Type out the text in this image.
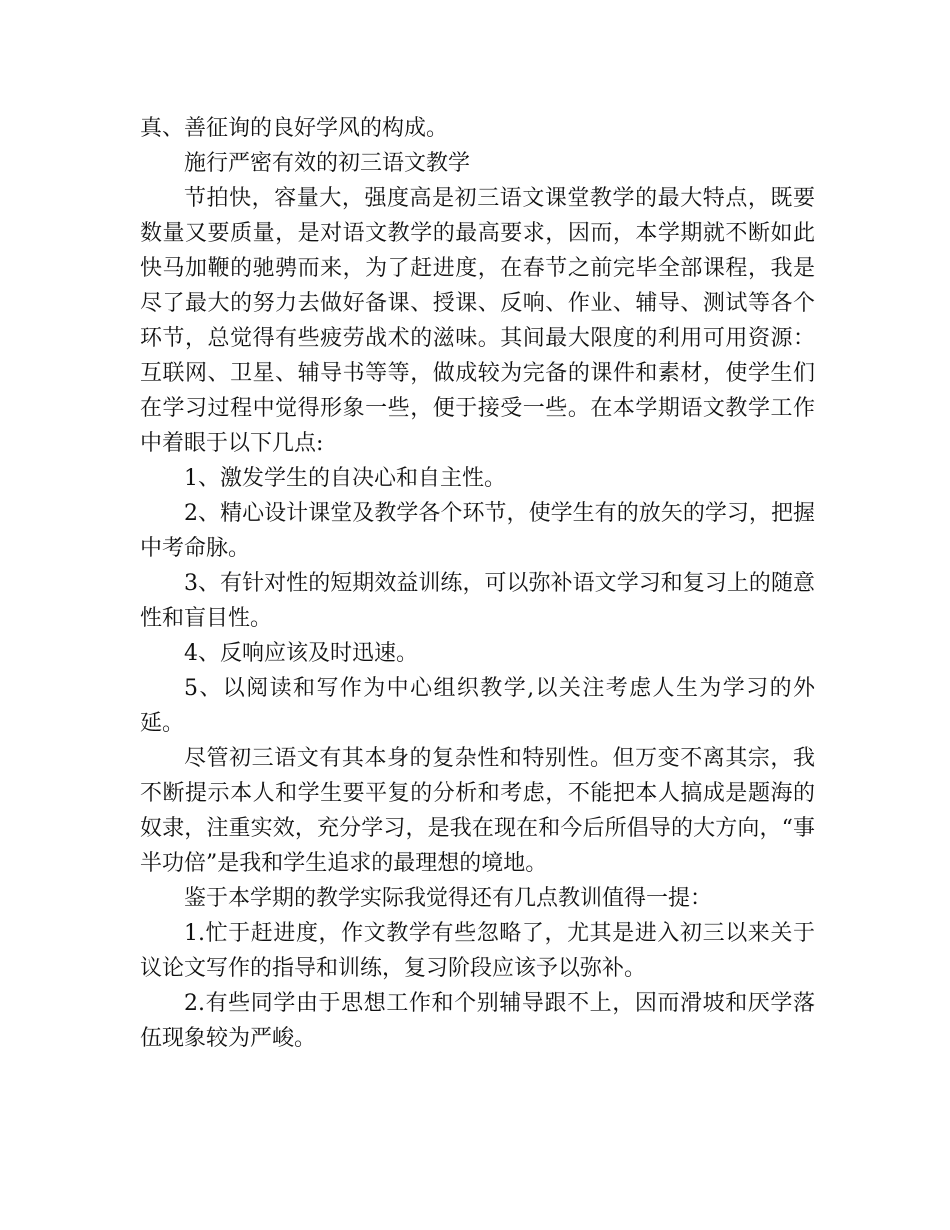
真、善征询的良好学风的构成。

施行严密有效的初三语文教学

节拍快，容量大，强度高是初三语文课堂教学的最大特点，既要数量又要质量，是对语文教学的最高要求，因而，本学期就不断如此快马加鞭的驰骋而来，为了赶进度，在春节之前完毕全部课程，我是尽了最大的努力去做好备课、授课、反响、作业、辅导、测试等各个环节，总觉得有些疲劳战术的滋味。其间最大限度的利用可用资源：互联网、卫星、辅导书等等，做成较为完备的课件和素材，使学生们在学习过程中觉得形象一些，便于接受一些。在本学期语文教学工作中着眼于以下几点:

1、激发学生的自决心和自主性。

2、精心设计课堂及教学各个环节，使学生有的放矢的学习，把握中考命脉。

3、有针对性的短期效益训练，可以弥补语文学习和复习上的随意性和盲目性。

4、反响应该及时迅速。

5、以阅读和写作为中心组织教学,以关注考虑人生为学习的外延。

尽管初三语文有其本身的复杂性和特别性。但万变不离其宗，我不断提示本人和学生要平复的分析和考虑，不能把本人搞成是题海的奴隶，注重实效，充分学习，是我在现在和今后所倡导的大方向，“事半功倍”是我和学生追求的最理想的境地。

鉴于本学期的教学实际我觉得还有几点教训值得一提：

1.忙于赶进度，作文教学有些忽略了，尤其是进入初三以来关于议论文写作的指导和训练，复习阶段应该予以弥补。

2.有些同学由于思想工作和个别辅导跟不上，因而滑坡和厌学落伍现象较为严峻。
